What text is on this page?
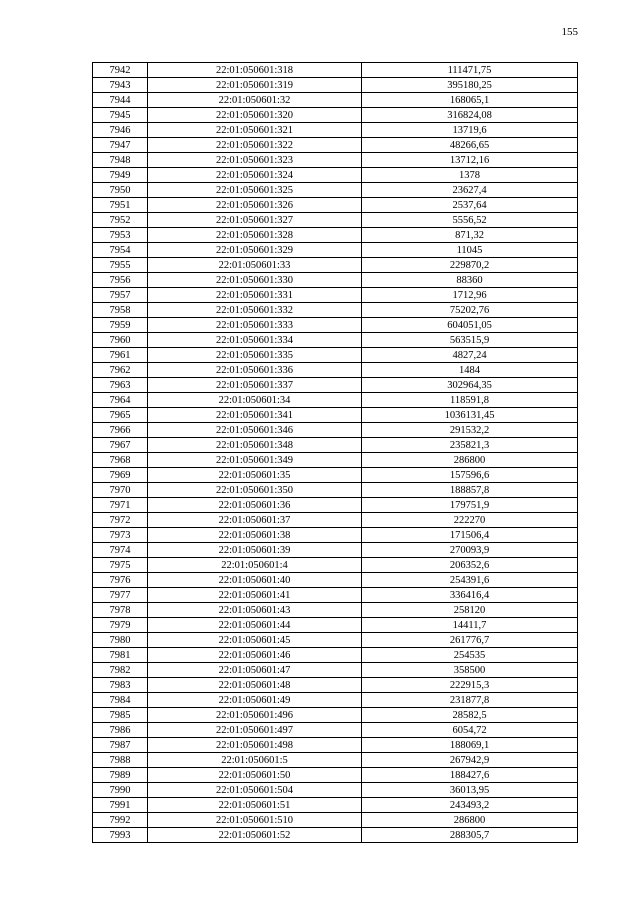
155
7942	22:01:050601:318	111471,75
7943	22:01:050601:319	395180,25
7944	22:01:050601:32	168065,1
7945	22:01:050601:320	316824,08
7946	22:01:050601:321	13719,6
7947	22:01:050601:322	48266,65
7948	22:01:050601:323	13712,16
7949	22:01:050601:324	1378
7950	22:01:050601:325	23627,4
7951	22:01:050601:326	2537,64
7952	22:01:050601:327	5556,52
7953	22:01:050601:328	871,32
7954	22:01:050601:329	11045
7955	22:01:050601:33	229870,2
7956	22:01:050601:330	88360
7957	22:01:050601:331	1712,96
7958	22:01:050601:332	75202,76
7959	22:01:050601:333	604051,05
7960	22:01:050601:334	563515,9
7961	22:01:050601:335	4827,24
7962	22:01:050601:336	1484
7963	22:01:050601:337	302964,35
7964	22:01:050601:34	118591,8
7965	22:01:050601:341	1036131,45
7966	22:01:050601:346	291532,2
7967	22:01:050601:348	235821,3
7968	22:01:050601:349	286800
7969	22:01:050601:35	157596,6
7970	22:01:050601:350	188857,8
7971	22:01:050601:36	179751,9
7972	22:01:050601:37	222270
7973	22:01:050601:38	171506,4
7974	22:01:050601:39	270093,9
7975	22:01:050601:4	206352,6
7976	22:01:050601:40	254391,6
7977	22:01:050601:41	336416,4
7978	22:01:050601:43	258120
7979	22:01:050601:44	14411,7
7980	22:01:050601:45	261776,7
7981	22:01:050601:46	254535
7982	22:01:050601:47	358500
7983	22:01:050601:48	222915,3
7984	22:01:050601:49	231877,8
7985	22:01:050601:496	28582,5
7986	22:01:050601:497	6054,72
7987	22:01:050601:498	188069,1
7988	22:01:050601:5	267942,9
7989	22:01:050601:50	188427,6
7990	22:01:050601:504	36013,95
7991	22:01:050601:51	243493,2
7992	22:01:050601:510	286800
7993	22:01:050601:52	288305,7
